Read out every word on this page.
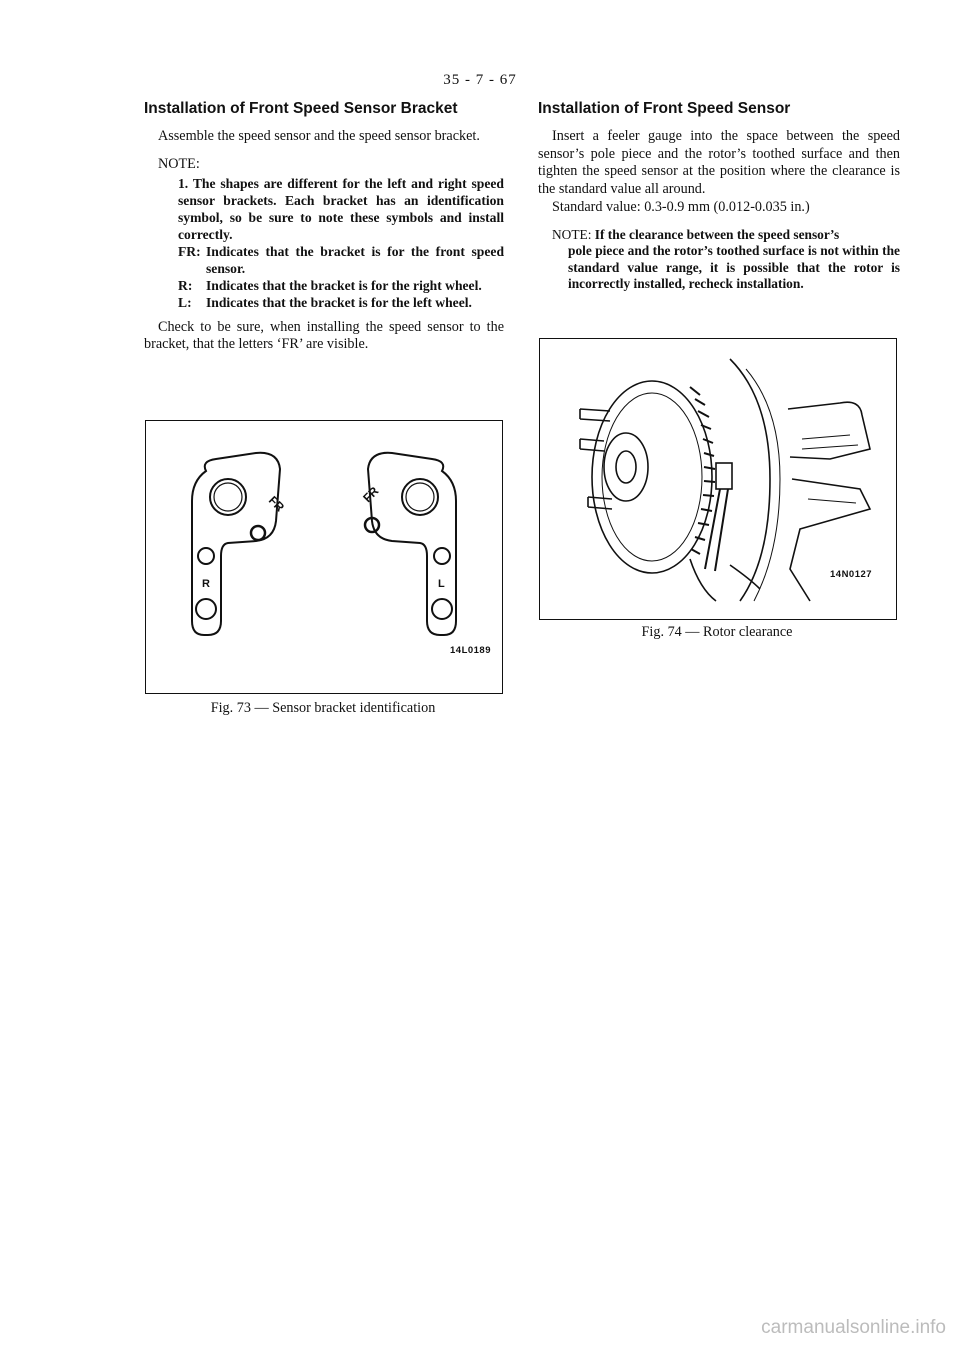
35 - 7 - 67
Installation of Front Speed Sensor Bracket

Assemble the speed sensor and the speed sensor bracket.

NOTE:
1. The shapes are different for the left and right speed sensor brackets. Each bracket has an identification symbol, so be sure to note these symbols and install correctly.
FR: Indicates that the bracket is for the front speed sensor.
R:	Indicates that the bracket is for the right wheel.
L:	Indicates that the bracket is for the left wheel.

Check to be sure, when installing the speed sensor to the bracket, that the letters ‘FR’ are visible.

FR	FR
R	L
14L0189
Fig. 73 — Sensor bracket identification
Installation of Front Speed Sensor

Insert a feeler gauge into the space between the speed sensor’s pole piece and the rotor’s toothed surface and then tighten the speed sensor at the position where the clearance is the standard value all around.

Standard value: 0.3-0.9 mm (0.012-0.035 in.)
NOTE: If the clearance between the speed sensor’s
pole piece and the rotor’s toothed surface is not within the standard value range, it is possible that the rotor is incorrectly installed, recheck installation.
14N0127
Fig. 74 — Rotor clearance
carmanualsonline.info
